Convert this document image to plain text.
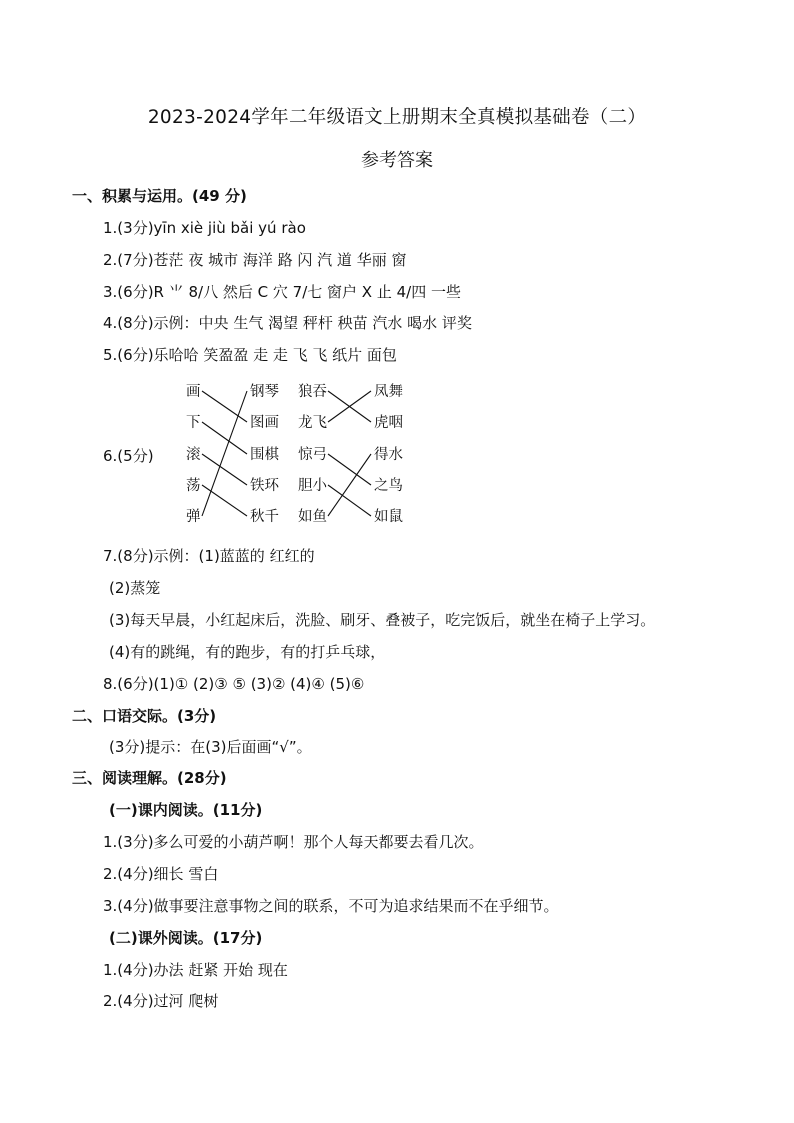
2023-2024学年二年级语文上册期末全真模拟基础卷（二）
参考答案
一、积累与运用。(49 分)
1.(3分)yīn xiè jiù bǎi yú rào
2.(7分)苍茫 夜 城市 海洋 路 闪 汽 道 华丽 窗
3.(6分)R ⺌ 8/八 然后 C 穴 7/七 窗户 X 止 4/四 一些
4.(8分)示例：中央 生气 渴望 秤杆 秧苗 汽水 喝水 评奖
5.(6分)乐哈哈 笑盈盈 走 走 飞 飞 纸片 面包
6.(5分)
7.(8分)示例：(1)蓝蓝的 红红的
(2)蒸笼
(3)每天早晨，小红起床后，洗脸、刷牙、叠被子，吃完饭后，就坐在椅子上学习。
(4)有的跳绳，有的跑步，有的打乒乓球，
8.(6分)(1)① (2)③ ⑤ (3)② (4)④ (5)⑥
二、口语交际。(3分)
(3分)提示：在(3)后面画“√”。
三、阅读理解。(28分)
(一)课内阅读。(11分)
1.(3分)多么可爱的小葫芦啊！那个人每天都要去看几次。
2.(4分)细长 雪白
3.(4分)做事要注意事物之间的联系，不可为追求结果而不在乎细节。
(二)课外阅读。(17分)
1.(4分)办法 赶紧 开始 现在
2.(4分)过河 爬树
画
下
滚
荡
弹
钢琴
图画
围棋
铁环
秋千
狼吞
龙飞
惊弓
胆小
如鱼
凤舞
虎咽
得水
之鸟
如鼠
